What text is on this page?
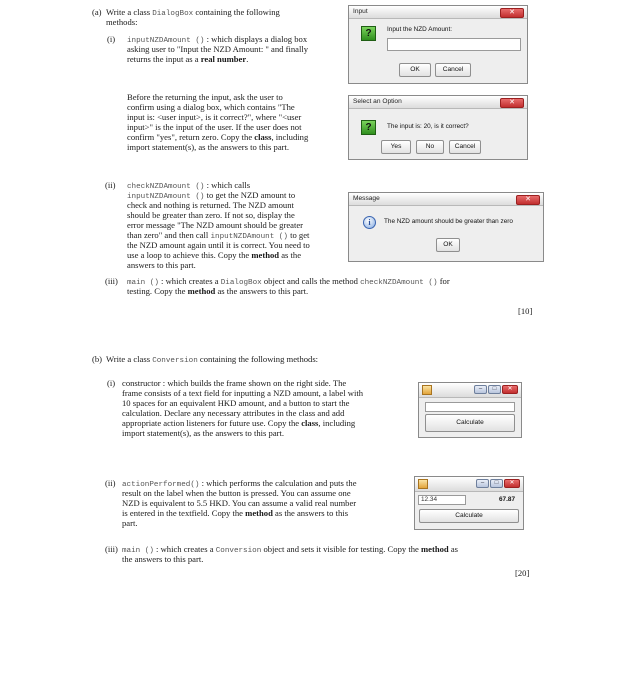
(a) Write a class DialogBox containing the following
methods:
(i) inputNZDAmount () : which displays a dialog box
asking user to "Input the NZD Amount: " and finally
returns the input as a real number.
Before the returning the input, ask the user to
confirm using a dialog box, which contains "The
input is: <user input>, is it correct?", where "<user
input>" is the input of the user. If the user does not
confirm "yes", return zero. Copy the class, including
import statement(s), as the answers to this part.
(ii) checkNZDAmount () : which calls
inputNZDAmount () to get the NZD amount to
check and nothing is returned. The NZD amount
should be greater than zero. If not so, display the
error message "The NZD amount should be greater
than zero" and then call inputNZDAmount () to get
the NZD amount again until it is correct. You need to
use a loop to achieve this. Copy the method as the
answers to this part.
(iii) main () : which creates a DialogBox object and calls the method checkNZDAmount () for
testing. Copy the method as the answers to this part.
[10]
(b) Write a class Conversion containing the following methods:
(i) constructor : which builds the frame shown on the right side. The
frame consists of a text field for inputting a NZD amount, a label with
10 spaces for an equivalent HKD amount, and a button to start the
calculation. Declare any necessary attributes in the class and add
appropriate action listeners for future use. Copy the class, including
import statement(s), as the answers to this part.
(ii) actionPerformed() : which performs the calculation and puts the
result on the label when the button is pressed. You can assume one
NZD is equivalent to 5.5 HKD. You can assume a valid real number
is entered in the textfield. Copy the method as the answers to this
part.
(iii) main () : which creates a Conversion object and sets it visible for testing. Copy the method as
the answers to this part.
[20]
Input	✕
?	Input the NZD Amount:
OK	Cancel
Select an Option	✕
?	The input is: 20, is it correct?
Yes	No	Cancel
Message	✕
i	The NZD amount should be greater than zero
OK
– □ ✕
Calculate
– □ ✕
12.34	67.87
Calculate
